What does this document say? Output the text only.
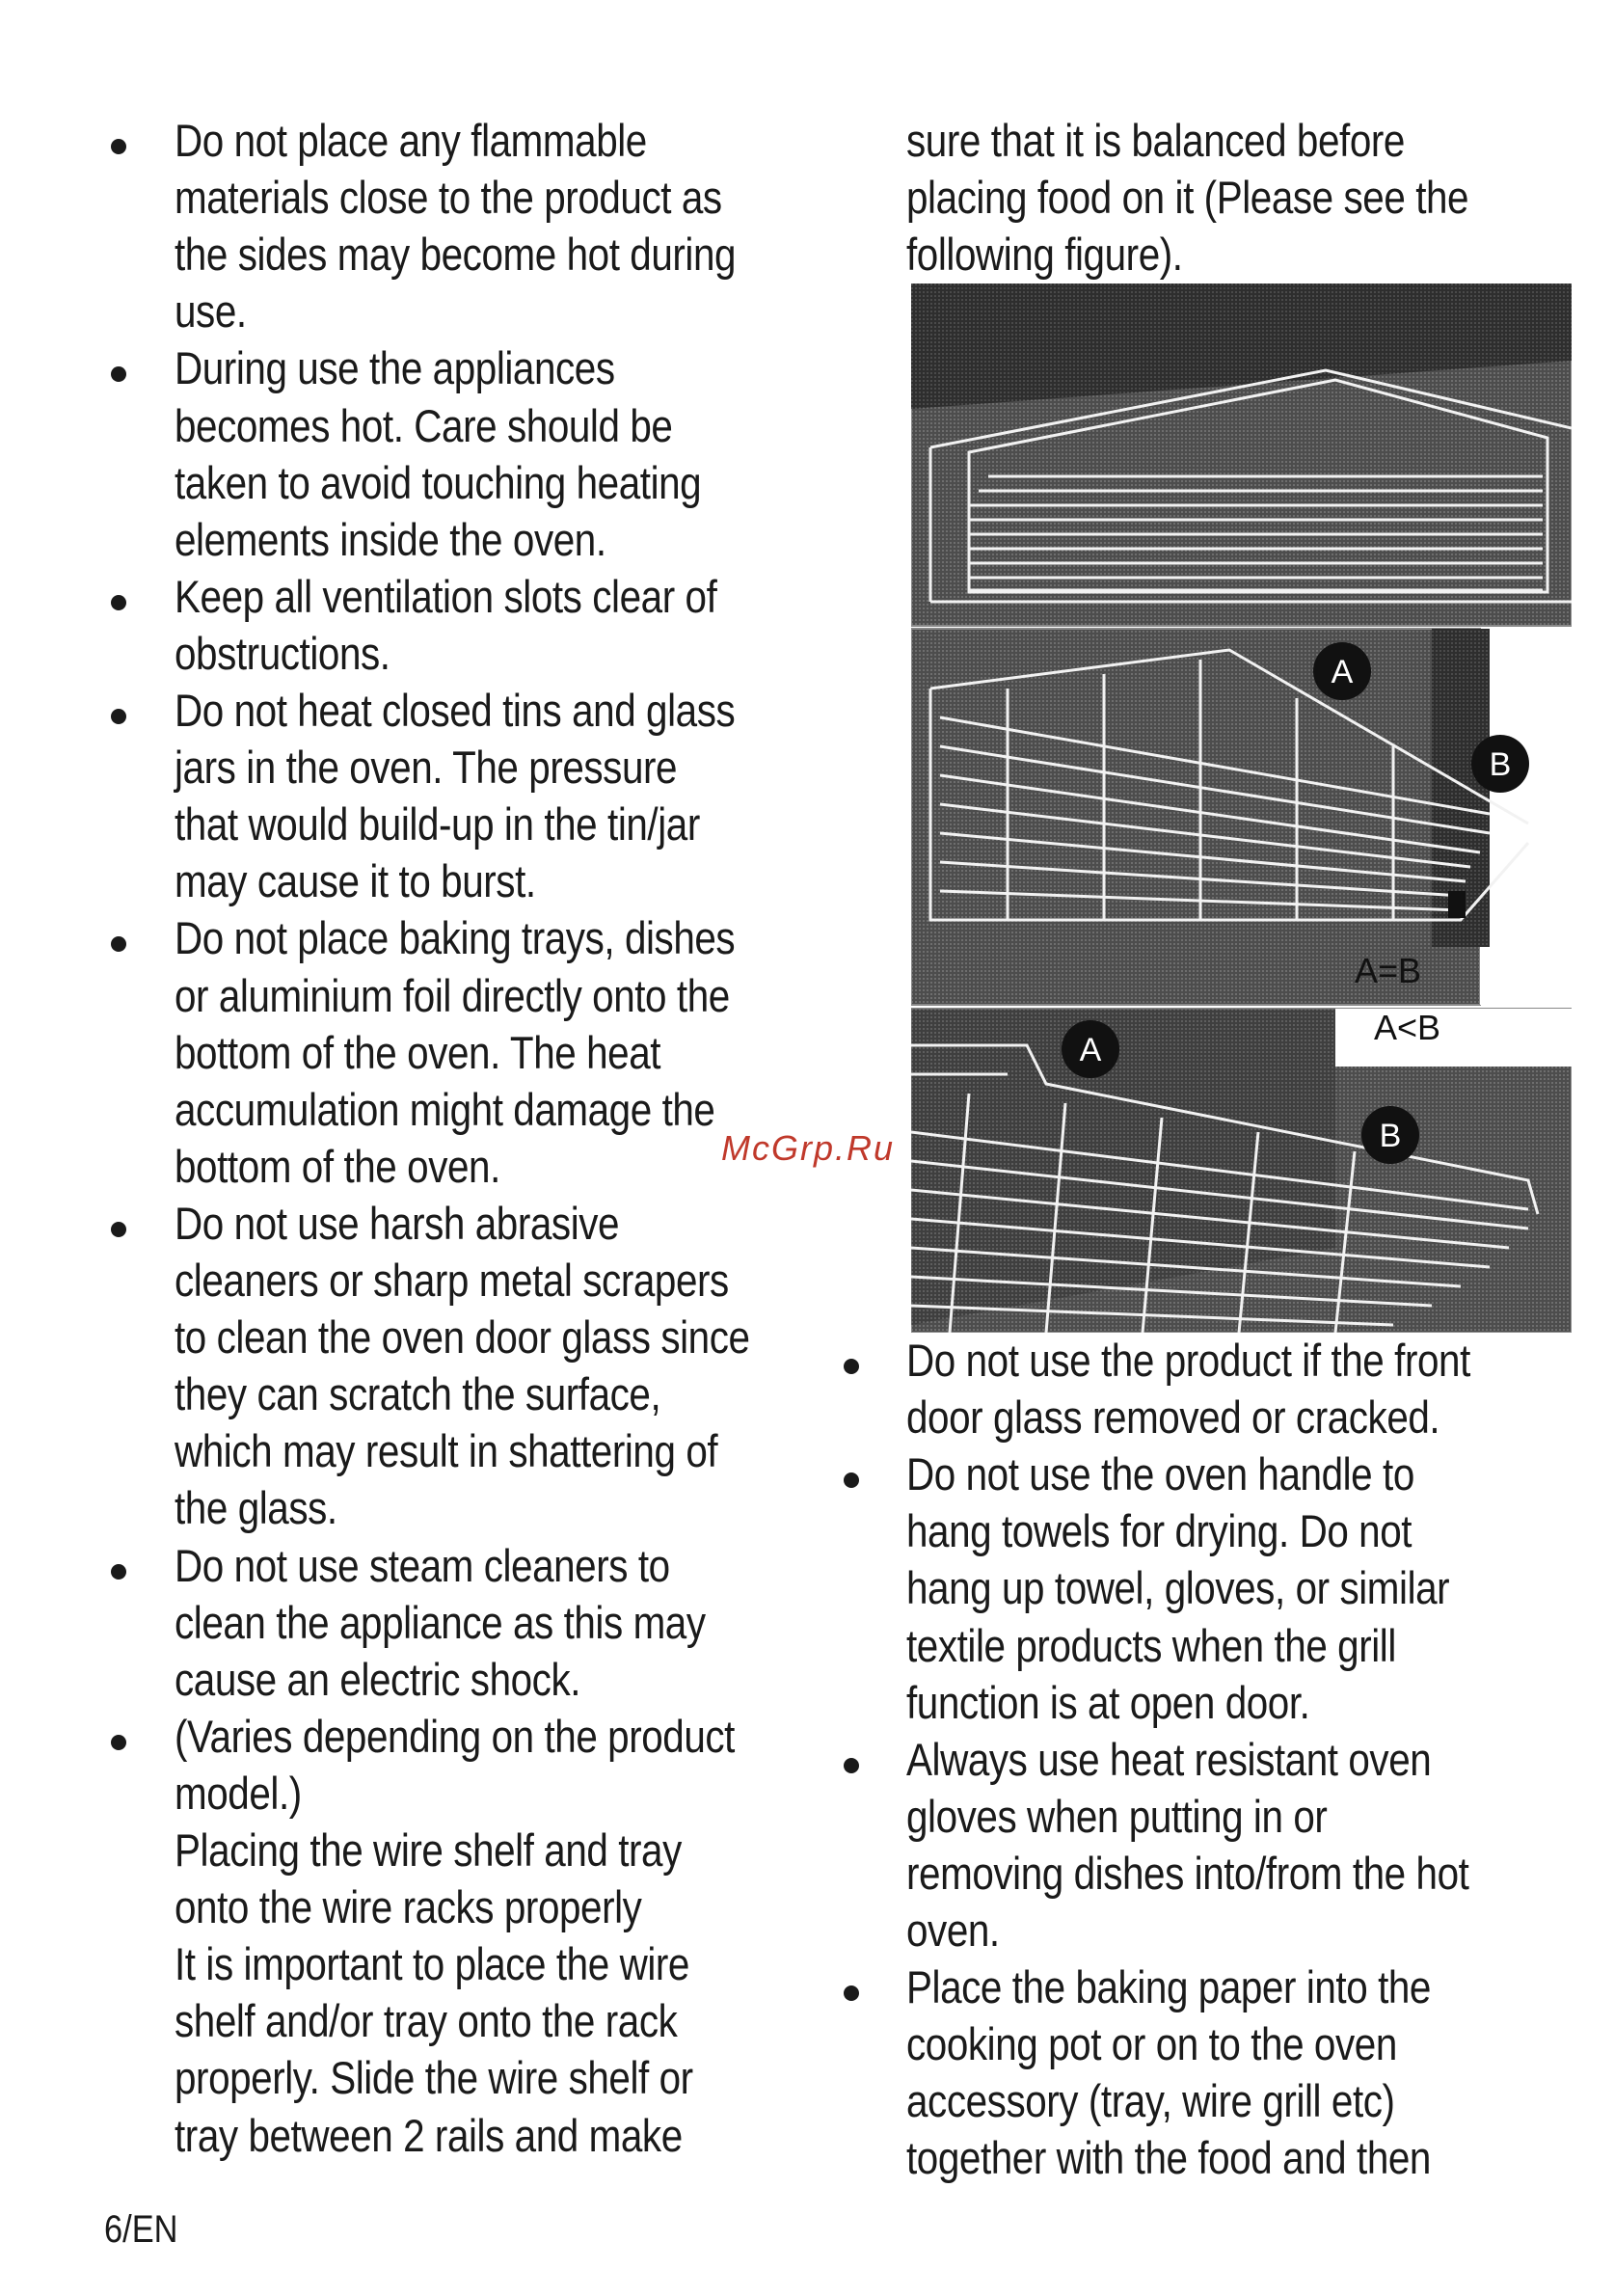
Do not place any flammable
materials close to the product as
the sides may become hot during
use.
During use the appliances
becomes hot. Care should be
taken to avoid touching heating
elements inside the oven.
Keep all ventilation slots clear of
obstructions.
Do not heat closed tins and glass
jars in the oven. The pressure
that would build-up in the tin/jar
may cause it to burst.
Do not place baking trays, dishes
or aluminium foil directly onto the
bottom of the oven. The heat
accumulation might damage the
bottom of the oven.
Do not use harsh abrasive
cleaners or sharp metal scrapers
to clean the oven door glass since
they can scratch the surface,
which may result in shattering of
the glass.
Do not use steam cleaners to
clean the appliance as this may
cause an electric shock.
(Varies depending on the product
model.)
Placing the wire shelf and tray
onto the wire racks properly
It is important to place the wire
shelf and/or tray onto the rack
properly. Slide the wire shelf or
tray between 2 rails and make
sure that it is balanced before
placing food on it (Please see the
following figure).
Do not use the product if the front
door glass removed or cracked.
Do not use the oven handle to
hang towels for drying. Do not
hang up towel, gloves, or similar
textile products when the grill
function is at open door.
Always use heat resistant oven
gloves when putting in or
removing dishes into/from the hot
oven.
Place the baking paper into the
cooking pot or on to the oven
accessory (tray, wire grill etc)
together with the food and then
A
B
A=B
A
B
A<B
McGrp.Ru
6/EN
